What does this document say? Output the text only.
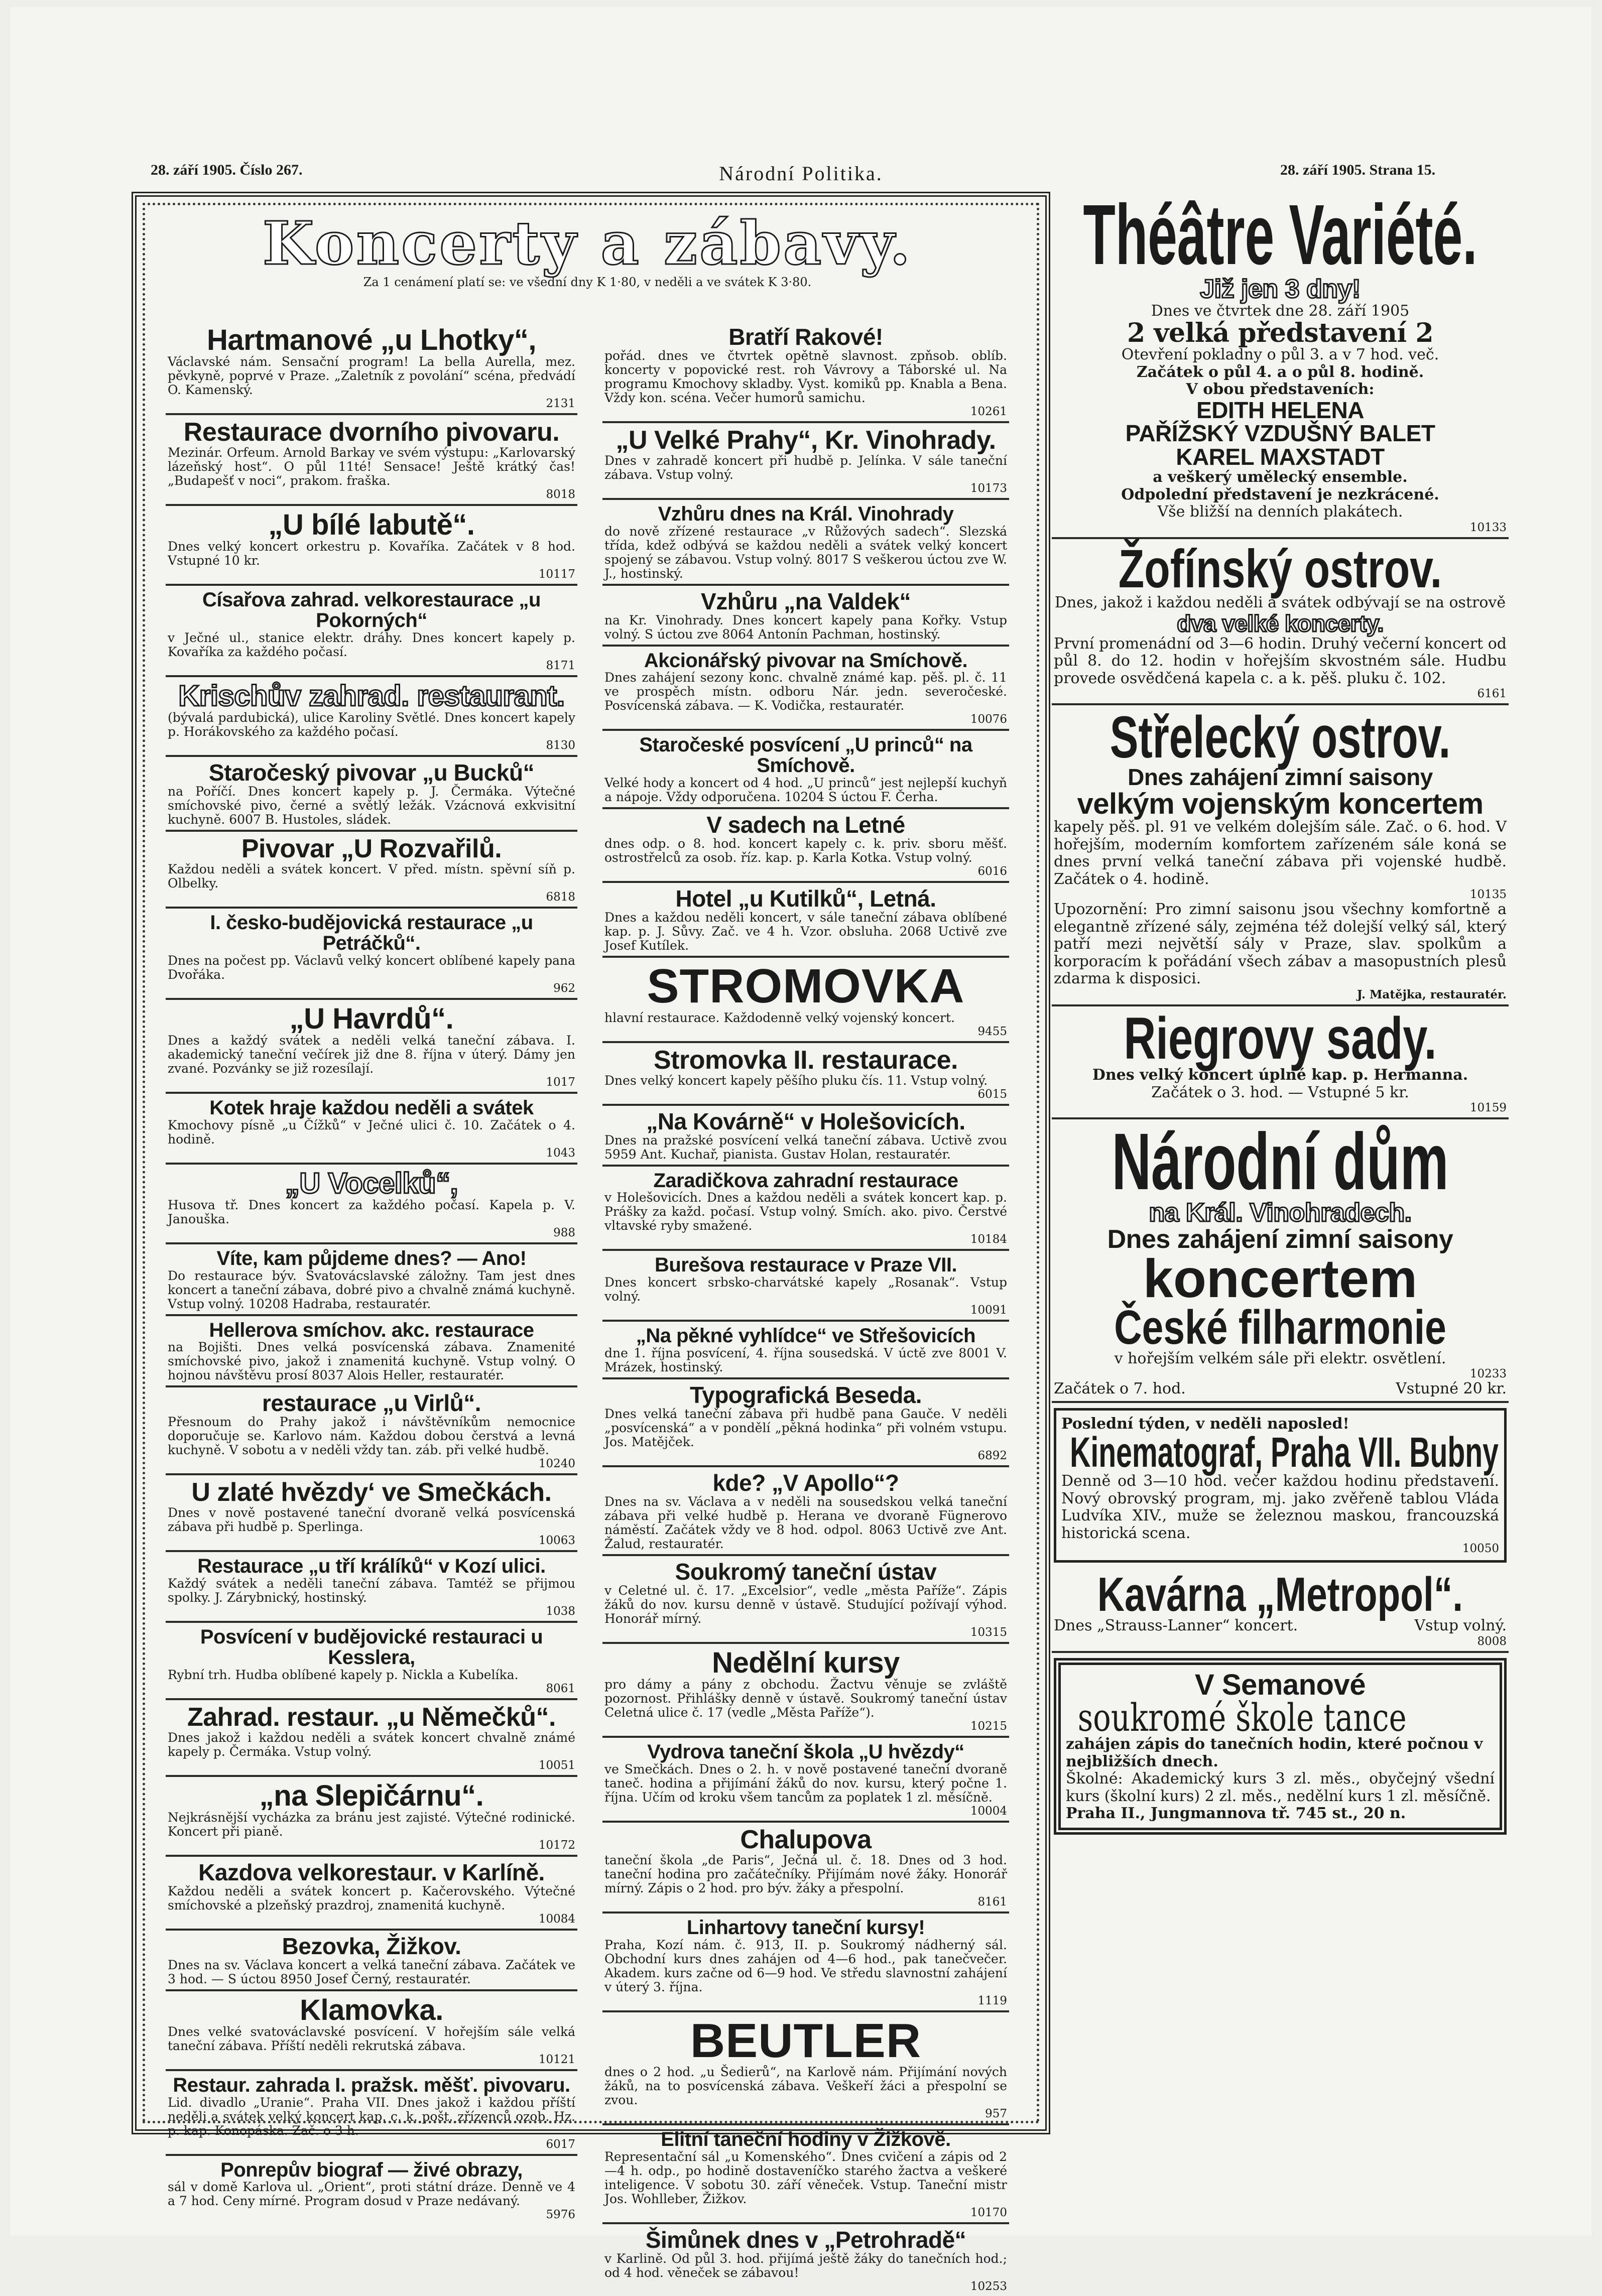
28. září 1905. Číslo 267.	Národní Politika.	28. září 1905. Strana 15.
Koncerty a zábavy.
Za 1 cenámení platí se: ve všední dny K 1·80, v neděli a ve svátek K 3·80.
Hartmanové „u Lhotky“,
Václavské nám. Sensační program! La bella Aurella, mez. pěvkyně, poprvé v Praze. „Zaletník z povolání“ scéna, předvádí O. Kamenský.
2131
Restaurace dvorního pivovaru.
Mezinár. Orfeum. Arnold Barkay ve svém výstupu: „Karlovarský lázeňský host“. O půl 11té! Sensace! Ještě krátký čas! „Budapešť v noci“, prakom. fraška.
8018
„U bílé labutě“.
Dnes velký koncert orkestru p. Kovaříka. Začátek v 8 hod. Vstupné 10 kr.
10117
Císařova zahrad. velkorestaurace „u Pokorných“
v Ječné ul., stanice elektr. dráhy. Dnes koncert kapely p. Kovaříka za každého počasí.
8171
Krischův zahrad. restaurant.
(bývalá pardubická), ulice Karoliny Světlé. Dnes koncert kapely p. Horákovského za každého počasí.
8130
Staročeský pivovar „u Bucků“
na Poříčí. Dnes koncert kapely p. J. Čermáka. Výtečné smíchovské pivo, černé a světlý ležák. Vzácnová exkvisitní kuchyně. 6007 B. Hustoles, sládek.
Pivovar „U Rozvařilů.
Každou neděli a svátek koncert. V před. místn. spěvní síň p. Olbelky.
6818
I. česko-budějovická restaurace „u Petráčků“.
Dnes na počest pp. Václavů velký koncert oblíbené kapely pana Dvořáka.
962
„U Havrdů“.
Dnes a každý svátek a neděli velká taneční zábava. I. akademický taneční večírek již dne 8. října v úterý. Dámy jen zvané. Pozvánky se již rozesílají.
1017
Kotek hraje každou neděli a svátek
Kmochovy písně „u Čížků“ v Ječné ulici č. 10. Začátek o 4. hodině.
1043
„U Vocelků“,
Husova tř. Dnes koncert za každého počasí. Kapela p. V. Janouška.
988
Víte, kam půjdeme dnes? — Ano!
Do restaurace býv. Svatovácslavské záložny. Tam jest dnes koncert a taneční zábava, dobré pivo a chvalně známá kuchyně. Vstup volný. 10208 Hadraba, restauratér.
Hellerova smíchov. akc. restaurace
na Bojišti. Dnes velká posvícenská zábava. Znamenité smíchovské pivo, jakož i znamenitá kuchyně. Vstup volný. O hojnou návštěvu prosí 8037 Alois Heller, restauratér.
restaurace „u Virlů“.
Přesnoum do Prahy jakož i návštěvníkům nemocnice doporučuje se. Karlovo nám. Každou dobou čerstvá a levná kuchyně. V sobotu a v neděli vždy tan. záb. při velké hudbě.
10240
U zlaté hvězdy‘ ve Smečkách.
Dnes v nově postavené taneční dvoraně velká posvícenská zábava při hudbě p. Sperlinga.
10063
Restaurace „u tří králíků“ v Kozí ulici.
Každý svátek a neděli taneční zábava. Tamtéž se přijmou spolky. J. Zárybnický, hostinský.
1038
Posvícení v budějovické restauraci u Kesslera,
Rybní trh. Hudba oblíbené kapely p. Nickla a Kubelíka.
8061
Zahrad. restaur. „u Němečků“.
Dnes jakož i každou neděli a svátek koncert chvalně známé kapely p. Čermáka. Vstup volný.
10051
„na Slepičárnu“.
Nejkrásnější vycházka za bránu jest zajisté. Výtečné rodinické. Koncert při pianě.
10172
Kazdova velkorestaur. v Karlíně.
Každou neděli a svátek koncert p. Kačerovského. Výtečné smíchovské a plzeňský prazdroj, znamenitá kuchyně.
10084
Bezovka, Žižkov.
Dnes na sv. Václava koncert a velká taneční zábava. Začátek ve 3 hod. — S úctou 8950 Josef Černý, restauratér.
Klamovka.
Dnes velké svatováclavské posvícení. V hořejším sále velká taneční zábava. Příští neděli rekrutská zábava.
10121
Restaur. zahrada I. pražsk. měšť. pivovaru.
Lid. divadlo „Uranie“. Praha VII. Dnes jakož i každou příští neděli a svátek velký koncert kap. c. k. pošt. zřízenců ozob. Hz. p. kap. Konopáska. Zač. o 3 h.
6017
Ponrepův biograf — živé obrazy,
sál v domě Karlova ul. „Orient“, proti státní dráze. Denně ve 4 a 7 hod. Ceny mírné. Program dosud v Praze nedávaný.
5976
Bratří Rakové!
pořád. dnes ve čtvrtek opětně slavnost. zpňsob. oblíb. koncerty v popovické rest. roh Vávrovy a Táborské ul. Na programu Kmochovy skladby. Vyst. komiků pp. Knabla a Bena. Vždy kon. scéna. Večer humorů samichu.
10261
„U Velké Prahy“, Kr. Vinohrady.
Dnes v zahradě koncert při hudbě p. Jelínka. V sále taneční zábava. Vstup volný.
10173
Vzhůru dnes na Král. Vinohrady
do nově zřízené restaurace „v Růžových sadech“. Slezská třída, kdež odbývá se každou neděli a svátek velký koncert spojený se zábavou. Vstup volný. 8017 S veškerou úctou zve W. J., hostinský.
Vzhůru „na Valdek“
na Kr. Vinohrady. Dnes koncert kapely pana Kořky. Vstup volný. S úctou zve 8064 Antonín Pachman, hostinský.
Akcionářský pivovar na Smíchově.
Dnes zahájení sezony konc. chvalně známé kap. pěš. pl. č. 11 ve prospěch místn. odboru Nár. jedn. severočeské. Posvícenská zábava. — K. Vodička, restauratér.
10076
Staročeské posvícení „U princů“ na Smíchově.
Velké hody a koncert od 4 hod. „U princů“ jest nejlepší kuchyň a nápoje. Vždy odporučena. 10204 S úctou F. Čerha.
V sadech na Letné
dnes odp. o 8. hod. koncert kapely c. k. priv. sboru měšť. ostrostřelců za osob. říz. kap. p. Karla Kotka. Vstup volný.
6016
Hotel „u Kutilků“, Letná.
Dnes a každou neděli koncert, v sále taneční zábava oblíbené kap. p. J. Sůvy. Zač. ve 4 h. Vzor. obsluha. 2068 Uctivě zve Josef Kutílek.
STROMOVKA
hlavní restaurace. Každodenně velký vojenský koncert.
9455
Stromovka II. restaurace.
Dnes velký koncert kapely pěšího pluku čís. 11. Vstup volný.
6015
„Na Kovárně“ v Holešovicích.
Dnes na pražské posvícení velká taneční zábava. Uctivě zvou 5959 Ant. Kuchař, pianista. Gustav Holan, restauratér.
Zaradičkova zahradní restaurace
v Holešovicích. Dnes a každou neděli a svátek koncert kap. p. Prášky za každ. počasí. Vstup volný. Smích. ako. pivo. Čerstvé vltavské ryby smažené.
10184
Burešova restaurace v Praze VII.
Dnes koncert srbsko-charvátské kapely „Rosanak“. Vstup volný.
10091
„Na pěkné vyhlídce“ ve Střešovicích
dne 1. října posvícení, 4. října sousedská. V úctě zve 8001 V. Mrázek, hostinský.
Typografická Beseda.
Dnes velká taneční zábava při hudbě pana Gauče. V neděli „posvícenská“ a v pondělí „pěkná hodinka“ při volném vstupu. Jos. Matějček.
6892
kde? „V Apollo“?
Dnes na sv. Václava a v neděli na sousedskou velká taneční zábava při velké hudbě p. Herana ve dvoraně Fügnerovo náměstí. Začátek vždy ve 8 hod. odpol. 8063 Uctivě zve Ant. Žalud, restauratér.
Soukromý taneční ústav
v Celetné ul. č. 17. „Excelsior“, vedle „města Paříže“. Zápis žáků do nov. kursu denně v ústavě. Studující požívají výhod. Honorář mírný.
10315
Nedělní kursy
pro dámy a pány z obchodu. Žactvu věnuje se zvláště pozornost. Přihlášky denně v ústavě. Soukromý taneční ústav Celetná ulice č. 17 (vedle „Města Paříže“).
10215
Vydrova taneční škola „U hvězdy“
ve Smečkách. Dnes o 2. h. v nově postavené taneční dvoraně taneč. hodina a přijímání žáků do nov. kursu, který počne 1. října. Učím od kroku všem tancům za poplatek 1 zl. měsíčně.
10004
Chalupova
taneční škola „de Paris“, Ječná ul. č. 18. Dnes od 3 hod. taneční hodina pro začátečníky. Přijímám nové žáky. Honorář mírný. Zápis o 2 hod. pro býv. žáky a přespolní.
8161
Linhartovy taneční kursy!
Praha, Kozí nám. č. 913, II. p. Soukromý nádherný sál. Obchodní kurs dnes zahájen od 4—6 hod., pak tanečvečer. Akadem. kurs začne od 6—9 hod. Ve středu slavnostní zahájení v úterý 3. října.
1119
BEUTLER
dnes o 2 hod. „u Šedierů“, na Karlově nám. Přijímání nových žáků, na to posvícenská zábava. Veškeří žáci a přespolní se zvou.
957
Elitní taneční hodiny v Žižkově.
Representační sál „u Komenského“. Dnes cvičení a zápis od 2—4 h. odp., po hodině dostaveníčko starého žactva a veškeré inteligence. V sobotu 30. září věneček. Vstup. Taneční mistr Jos. Wohlleber, Žižkov.
10170
Šimůnek dnes v „Petrohradě“
v Karlině. Od půl 3. hod. přijímá ještě žáky do tanečních hod.; od 4 hod. věneček se zábavou!
10253
Théâtre Variété.
Již jen 3 dny!
Dnes ve čtvrtek dne 28. září 1905
2 velká představení 2
Otevření pokladny o půl 3. a v 7 hod. več.
Začátek o půl 4. a o půl 8. hodině.
V obou představeních:
EDITH HELENA
PAŘÍŽSKÝ VZDUŠNÝ BALET
KAREL MAXSTADT
a veškerý umělecký ensemble.
Odpolední představení je nezkrácené.
Vše bližší na denních plakátech.
10133
Žofínský ostrov.
Dnes, jakož i každou neděli a svátek odbývají se na ostrově
dva velké koncerty.
První promenádní od 3—6 hodin. Druhý večerní koncert od půl 8. do 12. hodin v hořejším skvostném sále. Hudbu provede osvědčená kapela c. a k. pěš. pluku č. 102.
6161
Střelecký ostrov.
Dnes zahájení zimní saisony
velkým vojenským koncertem
kapely pěš. pl. 91 ve velkém dolejším sále. Zač. o 6. hod. V hořejším, moderním komfortem zařízeném sále koná se dnes první velká taneční zábava při vojenské hudbě. Začátek o 4. hodině.
10135
Upozornění: Pro zimní saisonu jsou všechny komfortně a elegantně zřízené sály, zejména též dolejší velký sál, který patří mezi největší sály v Praze, slav. spolkům a korporacím k pořádání všech zábav a masopustních plesů zdarma k disposici.
J. Matějka, restauratér.
Riegrovy sady.
Dnes velký koncert úplné kap. p. Hermanna.
Začátek o 3. hod. — Vstupné 5 kr.
10159
Národní dům
na Král. Vinohradech.
Dnes zahájení zimní saisony
koncertem
České filharmonie
v hořejším velkém sále při elektr. osvětlení.
10233
Začátek o 7. hod.	Vstupné 20 kr.
Poslední týden, v neděli naposled!
Kinematograf, Praha VII. Bubny
Denně od 3—10 hod. večer každou hodinu představení. Nový obrovský program, mj. jako zvěřeně tablou Vláda Ludvíka XIV., muže se železnou maskou, francouzská historická scena.
10050
Kavárna „Metropol“.
Dnes „Strauss-Lanner“ koncert.	Vstup volný.
8008
V Semanové
soukromé škole tance
zahájen zápis do tanečních hodin, které počnou v nejbližších dnech.
Školné: Akademický kurs 3 zl. měs., obyčejný všední kurs (školní kurs) 2 zl. měs., nedělní kurs 1 zl. měsíčně.
Praha II., Jungmannova tř. 745 st., 20 n.
